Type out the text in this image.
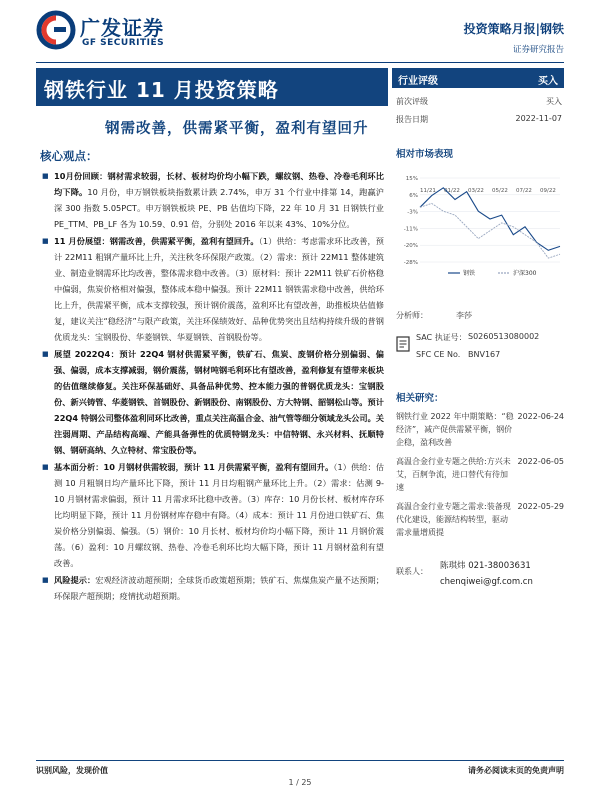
广发证券
GF SECURITIES
投资策略月报|钢铁
证券研究报告
钢铁行业 11 月投资策略
钢需改善，供需紧平衡，盈利有望回升
行业评级	买入
前次评级	买入
报告日期	2022-11-07
核心观点：	相对市场表现

■ 10月份回顾：钢材需求较弱，长材、板材均价均小幅下跌，螺纹钢、热卷、冷卷毛利环比均下降。10 月份，申万钢铁板块指数累计跌 2.74%，申万 31 个行业中排第 14，跑赢沪深 300 指数 5.05PCT。申万钢铁板块 PE、PB 估值均下降，22 年 10 月 31 日钢铁行业 PE_TTM、PB_LF 各为 10.59、0.91 倍，分别处 2016 年以来 43%、10%分位。

■ 11 月份展望：钢需改善，供需紧平衡，盈利有望回升。（1）供给：考虑需求环比改善，预计 22M11 粗钢产量环比上升，关注秋冬环保限产政策。（2）需求：预计 22M11 整体建筑业、制造业钢需环比均改善，整体需求稳中改善。（3）原材料：预计 22M11 铁矿石价格稳中偏弱，焦炭价格相对偏强，整体成本稳中偏强。预计 22M11 钢铁需求稳中改善，供给环比上升，供需紧平衡，成本支撑较强，预计钢价震荡，盈利环比有望改善，助推板块估值修复，建议关注“稳经济”与限产政策，关注环保绩效好、品种优势突出且结构持续升级的普钢优质龙头：宝钢股份、华菱钢铁、华夏钢铁、首钢股份等。

■ 展望 2022Q4：预计 22Q4 钢材供需紧平衡，铁矿石、焦炭、废钢价格分别偏弱、偏强、偏弱，成本支撑减弱，钢价震荡，钢材吨钢毛利环比有望改善，盈利修复有望带来板块的估值继续修复。关注环保基础好、具备品种优势、控本能力强的普钢优质龙头：宝钢股份、新兴铸管、华菱钢铁、首钢股份、新钢股份、南钢股份、方大特钢、韶钢松山等。预计 22Q4 特钢公司整体盈利同环比改善，重点关注高温合金、油气管等细分领域龙头公司。关注弱周期、产品结构高端、产能具备弹性的优质特钢龙头：中信特钢、永兴材料、抚顺特钢、钢研高纳、久立特材、常宝股份等。

■ 基本面分析：10 月钢材供需较弱，预计 11 月供需紧平衡，盈利有望回升。（1）供给：估测 10 月粗钢日均产量环比下降，预计 11 月日均粗钢产量环比上升。（2）需求：估测 9-10 月钢材需求偏弱，预计 11 月需求环比稳中改善。（3）库存：10 月份长材、板材库存环比均明显下降，预计 11 月份钢材库存稳中有降。（4）成本：预计 11 月份进口铁矿石、焦炭价格分别偏弱、偏强。（5）钢价：10 月长材、板材均价均小幅下降，预计 11 月钢价震荡。（6）盈利：10 月螺纹钢、热卷、冷卷毛利环比均大幅下降，预计 11 月钢材盈利有望改善。

■ 风险提示：宏观经济波动超预期；全球货币政策超预期；铁矿石、焦煤焦炭产量不达预期；环保限产超预期；疫情扰动超预期。

15%
6%
-3%
-11%
-20%
-28%
11/21 01/22 03/22 05/22 07/22 09/22
钢铁	沪深300
分析师：	李莎
SAC 执证号： S0260513080002
SFC CE No. BNV167
相关研究：
钢铁行业 2022 年中期策略：“稳经济”，减产促供需紧平衡，钢价企稳，盈利改善
2022-06-24
高温合金行业专题之供给:方兴未艾，百舸争流，进口替代有待加速
2022-06-05
高温合金行业专题之需求:装备现代化建设，能源结构转型，驱动需求量增质提
2022-05-29
联系人：
陈琪炜 021-38003631
chenqiwei@gf.com.cn
识别风险，发现价值	请务必阅读末页的免责声明
1 / 25
